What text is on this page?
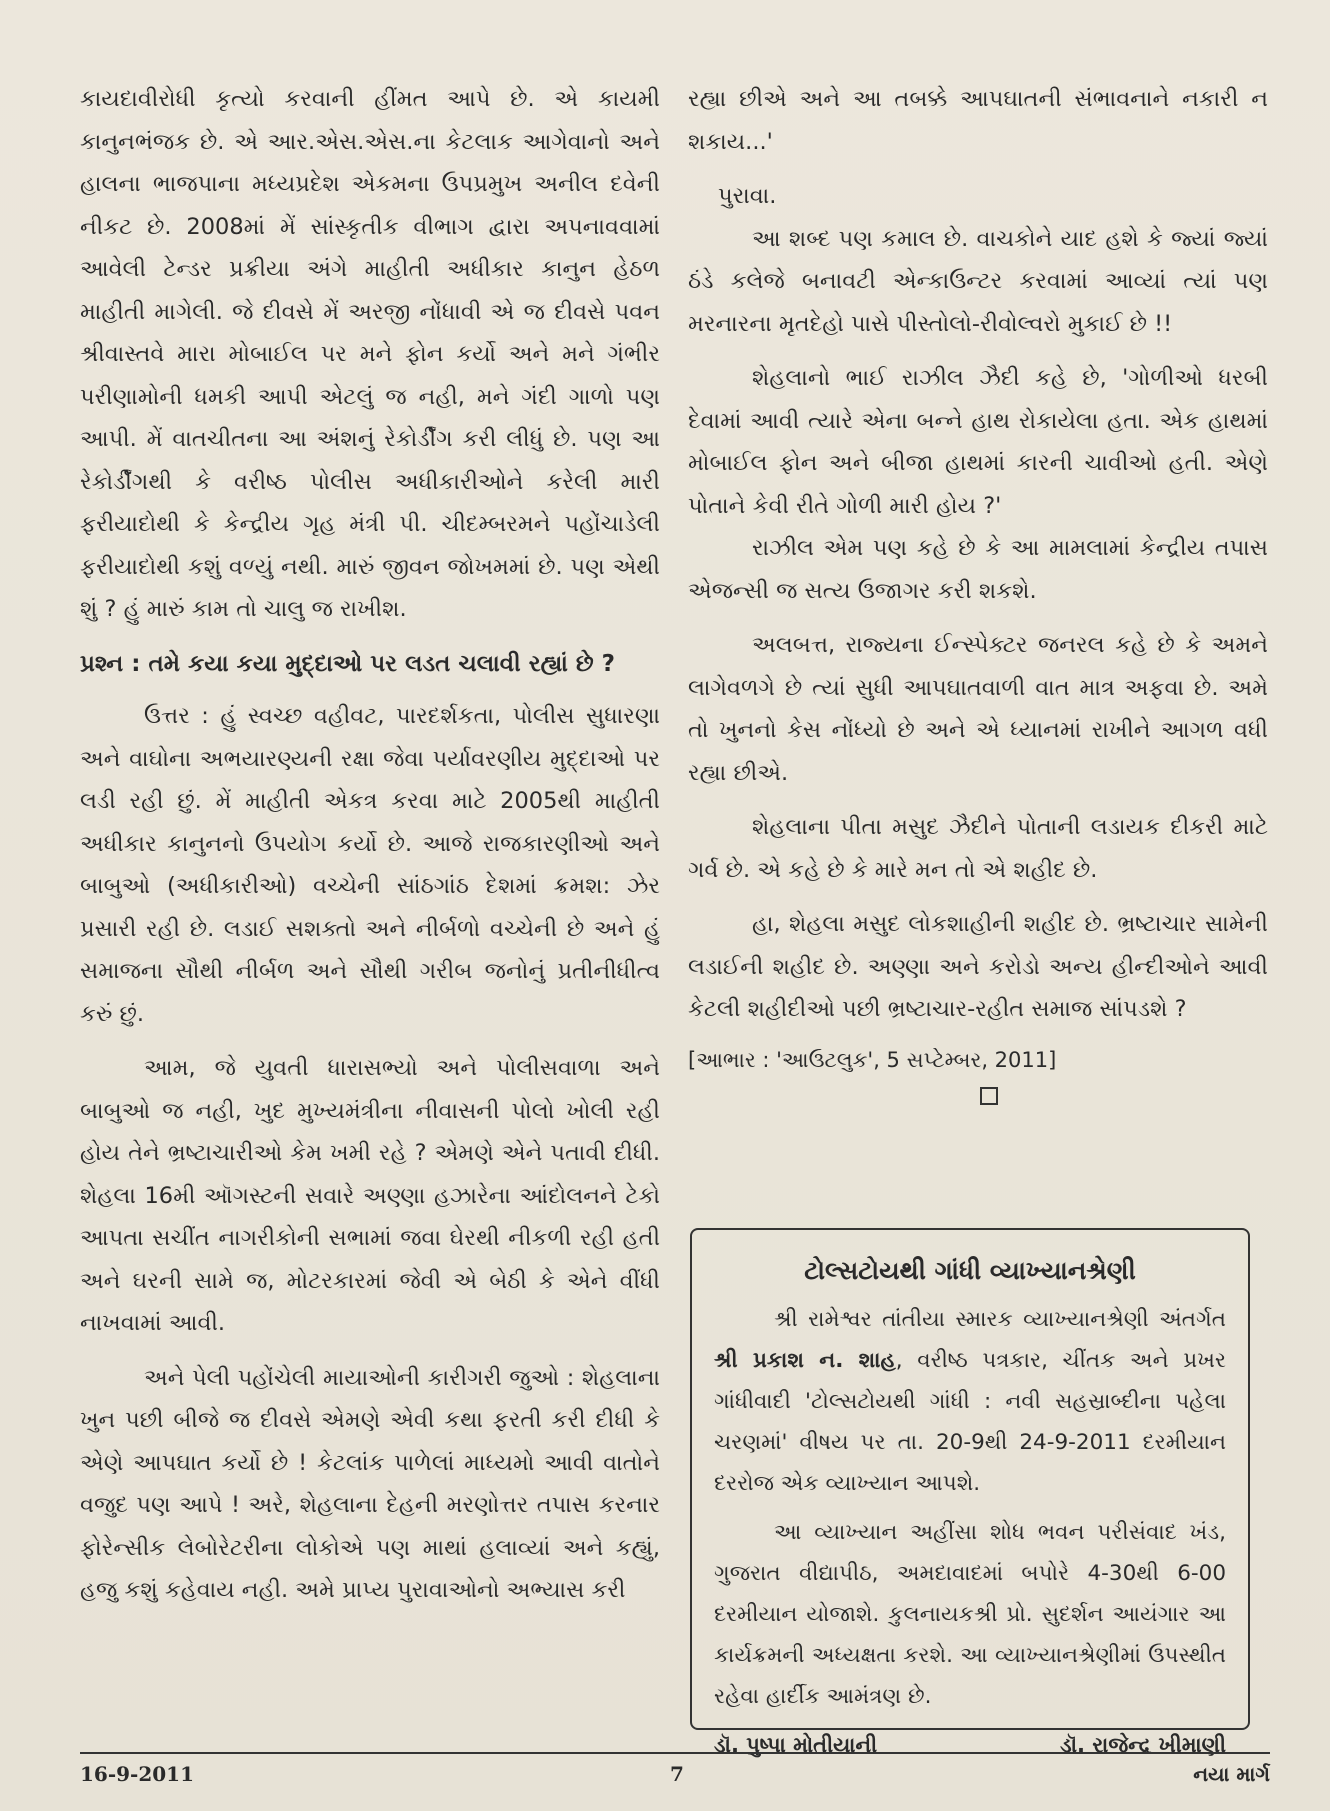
કાયદાવીરોધી કૃત્યો કરવાની હીંમત આપે છે. એ કાયમી કાનુનભંજક છે. એ આર.એસ.એસ.ના કેટલાક આગેવાનો અને હાલના ભાજપાના મધ્યપ્રદેશ એકમના ઉપપ્રમુખ અનીલ દવેની નીકટ છે. 2008માં મેં સાંસ્કૃતીક વીભાગ દ્વારા અપનાવવામાં આવેલી ટેન્ડર પ્રક્રીયા અંગે માહીતી અધીકાર કાનુન હેઠળ માહીતી માગેલી. જે દીવસે મેં અરજી નોંધાવી એ જ દીવસે પવન શ્રીવાસ્તવે મારા મોબાઈલ પર મને ફોન કર્યો અને મને ગંભીર પરીણામોની ધમકી આપી એટલું જ નહી, મને ગંદી ગાળો પણ આપી. મેં વાતચીતના આ અંશનું રેકોર્ડીંગ કરી લીધું છે. પણ આ રેકોર્ડીંગથી કે વરીષ્ઠ પોલીસ અધીકારીઓને કરેલી મારી ફરીયાદોથી કે કેન્દ્રીય ગૃહ મંત્રી પી. ચીદમ્બરમને પહોંચાડેલી ફરીયાદોથી કશું વળ્યું નથી. મારું જીવન જોખમમાં છે. પણ એથી શું ? હું મારું કામ તો ચાલુ જ રાખીશ.

પ્રશ્ન : તમે કયા કયા મુદ્દાઓ પર લડત ચલાવી રહ્યાં છે ?

ઉત્તર : હું સ્વચ્છ વહીવટ, પારદર્શકતા, પોલીસ સુધારણા અને વાઘોના અભયારણ્યની રક્ષા જેવા પર્યાવરણીય મુદ્દાઓ પર લડી રહી છું. મેં માહીતી એકત્ર કરવા માટે 2005થી માહીતી અધીકાર કાનુનનો ઉપયોગ કર્યો છે. આજે રાજકારણીઓ અને બાબુઓ (અધીકારીઓ) વચ્ચેની સાંઠગાંઠ દેશમાં ક્રમશ: ઝેર પ્રસારી રહી છે. લડાઈ સશક્તો અને નીર્બળો વચ્ચેની છે અને હું સમાજના સૌથી નીર્બળ અને સૌથી ગરીબ જનોનું પ્રતીનીધીત્વ કરું છું.

આમ, જે યુવતી ધારાસભ્યો અને પોલીસવાળા અને બાબુઓ જ નહી, ખુદ મુખ્યમંત્રીના નીવાસની પોલો ખોલી રહી હોય તેને ભ્રષ્ટાચારીઓ કેમ ખમી રહે ? એમણે એને પતાવી દીધી. શેહલા 16મી ઑગસ્ટની સવારે અણ્ણા હઝારેના આંદોલનને ટેકો આપતા સચીંત નાગરીકોની સભામાં જવા ઘેરથી નીકળી રહી હતી અને ઘરની સામે જ, મોટરકારમાં જેવી એ બેઠી કે એને વીંધી નાખવામાં આવી.

અને પેલી પહોંચેલી માયાઓની કારીગરી જુઓ : શેહલાના ખુન પછી બીજે જ દીવસે એમણે એવી કથા ફરતી કરી દીધી કે એણે આપઘાત કર્યો છે ! કેટલાંક પાળેલાં માધ્યમો આવી વાતોને વજુદ પણ આપે ! અરે, શેહલાના દેહની મરણોત્તર તપાસ કરનાર ફોરેન્સીક લેબોરેટરીના લોકોએ પણ માથાં હલાવ્યાં અને કહ્યું, હજુ કશું કહેવાય નહી. અમે પ્રાપ્ય પુરાવાઓનો અભ્યાસ કરી

રહ્યા છીએ અને આ તબક્કે આપઘાતની સંભાવનાને નકારી ન શકાય...'

પુરાવા.

આ શબ્દ પણ કમાલ છે. વાચકોને યાદ હશે કે જ્યાં જ્યાં ઠંડે કલેજે બનાવટી એન્કાઉન્ટર કરવામાં આવ્યાં ત્યાં પણ મરનારના મૃતદેહો પાસે પીસ્તોલો-રીવોલ્વરો મુકાઈ છે !!

શેહલાનો ભાઈ રાઝીલ ઝૈદી કહે છે, 'ગોળીઓ ધરબી દેવામાં આવી ત્યારે એના બન્ને હાથ રોકાયેલા હતા. એક હાથમાં મોબાઈલ ફોન અને બીજા હાથમાં કારની ચાવીઓ હતી. એણે પોતાને કેવી રીતે ગોળી મારી હોય ?'

રાઝીલ એમ પણ કહે છે કે આ મામલામાં કેન્દ્રીય તપાસ એજન્સી જ સત્ય ઉજાગર કરી શકશે.

અલબત્ત, રાજ્યના ઈન્સ્પેક્ટર જનરલ કહે છે કે અમને લાગેવળગે છે ત્યાં સુધી આપઘાતવાળી વાત માત્ર અફવા છે. અમે તો ખુનનો કેસ નોંધ્યો છે અને એ ધ્યાનમાં રાખીને આગળ વધી રહ્યા છીએ.

શેહલાના પીતા મસુદ ઝૈદીને પોતાની લડાયક દીકરી માટે ગર્વ છે. એ કહે છે કે મારે મન તો એ શહીદ છે.

હા, શેહલા મસુદ લોકશાહીની શહીદ છે. ભ્રષ્ટાચાર સામેની લડાઈની શહીદ છે. અણ્ણા અને કરોડો અન્ય હીન્દીઓને આવી કેટલી શહીદીઓ પછી ભ્રષ્ટાચાર-રહીત સમાજ સાંપડશે ?

[આભાર : 'આઉટલુક', 5 સપ્ટેમ્બર, 2011]

ટોલ્સટોયથી ગાંધી વ્યાખ્યાનશ્રેણી

શ્રી રામેશ્વર તાંતીયા સ્મારક વ્યાખ્યાનશ્રેણી અંતર્ગત શ્રી પ્રકાશ ન. શાહ, વરીષ્ઠ પત્રકાર, ચીંતક અને પ્રખર ગાંધીવાદી 'ટોલ્સટોયથી ગાંધી : નવી સહસ્રાબ્દીના પહેલા ચરણમાં' વીષય પર તા. 20-9થી 24-9-2011 દરમીયાન દરરોજ એક વ્યાખ્યાન આપશે.

આ વ્યાખ્યાન અહીંસા શોધ ભવન પરીસંવાદ ખંડ, ગુજરાત વીદ્યાપીઠ, અમદાવાદમાં બપોરે 4-30થી 6-00 દરમીયાન યોજાશે. કુલનાયકશ્રી પ્રો. સુદર્શન આયંગાર આ કાર્યક્રમની અધ્યક્ષતા કરશે. આ વ્યાખ્યાનશ્રેણીમાં ઉપસ્થીત રહેવા હાર્દીક આમંત્રણ છે.

ડૉ. પુષ્પા મોતીયાની	ડૉ. રાજેન્દ્ર ખીમાણી
16-9-2011	7	નયા માર્ગ
